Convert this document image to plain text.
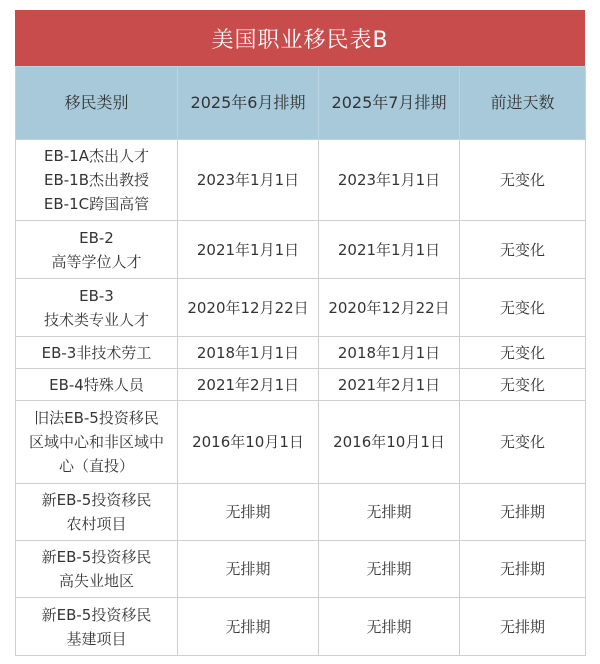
美国职业移民表B
移民类别	2025年6月排期	2025年7月排期	前进天数

EB-1A杰出人才
EB-1B杰出教授
EB-1C跨国高管	2023年1月1日	2023年1月1日	无变化

EB-2
高等学位人才	2021年1月1日	2021年1月1日	无变化

EB-3
技术类专业人才	2020年12月22日	2020年12月22日	无变化

EB-3非技术劳工	2018年1月1日	2018年1月1日	无变化

EB-4特殊人员	2021年2月1日	2021年2月1日	无变化

旧法EB-5投资移民
区域中心和非区域中
心（直投）	2016年10月1日	2016年10月1日	无变化

新EB-5投资移民
农村项目	无排期	无排期	无排期

新EB-5投资移民
高失业地区	无排期	无排期	无排期

新EB-5投资移民
基建项目	无排期	无排期	无排期
